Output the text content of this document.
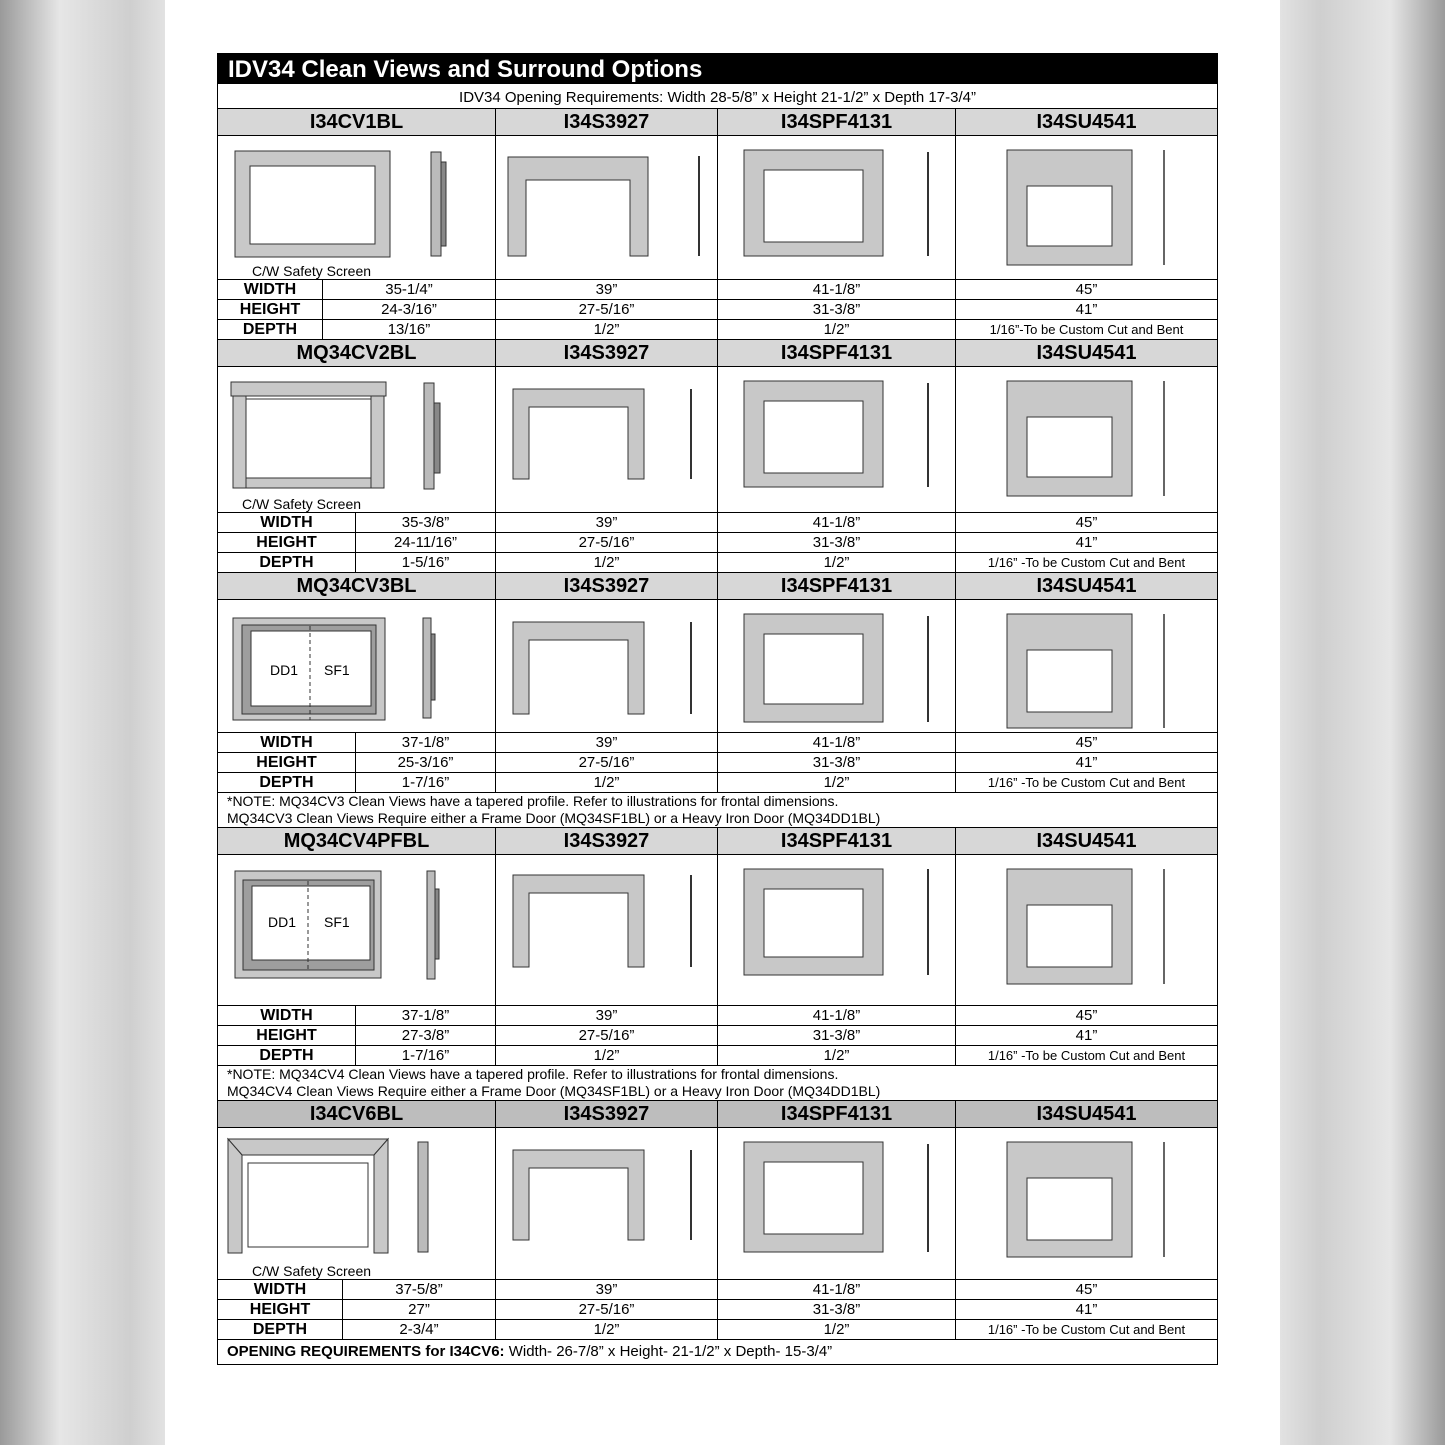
IDV34 Clean Views and Surround Options
IDV34 Opening Requirements: Width 28-5/8” x Height 21-1/2” x Depth 17-3/4”
I34CV1BL	I34S3927	I34SPF4131	I34SU4541
C/W Safety Screen
WIDTH	35-1/4”	39”	41-1/8”	45”
HEIGHT	24-3/16”	27-5/16”	31-3/8”	41”
DEPTH	13/16”	1/2”	1/2”	1/16”-To be Custom Cut and Bent
MQ34CV2BL	I34S3927	I34SPF4131	I34SU4541
C/W Safety Screen
WIDTH	35-3/8”	39”	41-1/8”	45”
HEIGHT	24-11/16”	27-5/16”	31-3/8”	41”
DEPTH	1-5/16”	1/2”	1/2”	1/16” -To be Custom Cut and Bent
MQ34CV3BL	I34S3927	I34SPF4131	I34SU4541
DD1 SF1
WIDTH	37-1/8”	39”	41-1/8”	45”
HEIGHT	25-3/16”	27-5/16”	31-3/8”	41”
DEPTH	1-7/16”	1/2”	1/2”	1/16” -To be Custom Cut and Bent
*NOTE: MQ34CV3 Clean Views have a tapered profile. Refer to illustrations for frontal dimensions.
MQ34CV3 Clean Views Require either a Frame Door (MQ34SF1BL) or a Heavy Iron Door (MQ34DD1BL)
MQ34CV4PFBL	I34S3927	I34SPF4131	I34SU4541
DD1 SF1
WIDTH	37-1/8”	39”	41-1/8”	45”
HEIGHT	27-3/8”	27-5/16”	31-3/8”	41”
DEPTH	1-7/16”	1/2”	1/2”	1/16” -To be Custom Cut and Bent
*NOTE: MQ34CV4 Clean Views have a tapered profile. Refer to illustrations for frontal dimensions.
MQ34CV4 Clean Views Require either a Frame Door (MQ34SF1BL) or a Heavy Iron Door (MQ34DD1BL)
I34CV6BL	I34S3927	I34SPF4131	I34SU4541
C/W Safety Screen
WIDTH	37-5/8”	39”	41-1/8”	45”
HEIGHT	27”	27-5/16”	31-3/8”	41”
DEPTH	2-3/4”	1/2”	1/2”	1/16” -To be Custom Cut and Bent
OPENING REQUIREMENTS for I34CV6: Width- 26-7/8” x Height- 21-1/2” x Depth- 15-3/4”
